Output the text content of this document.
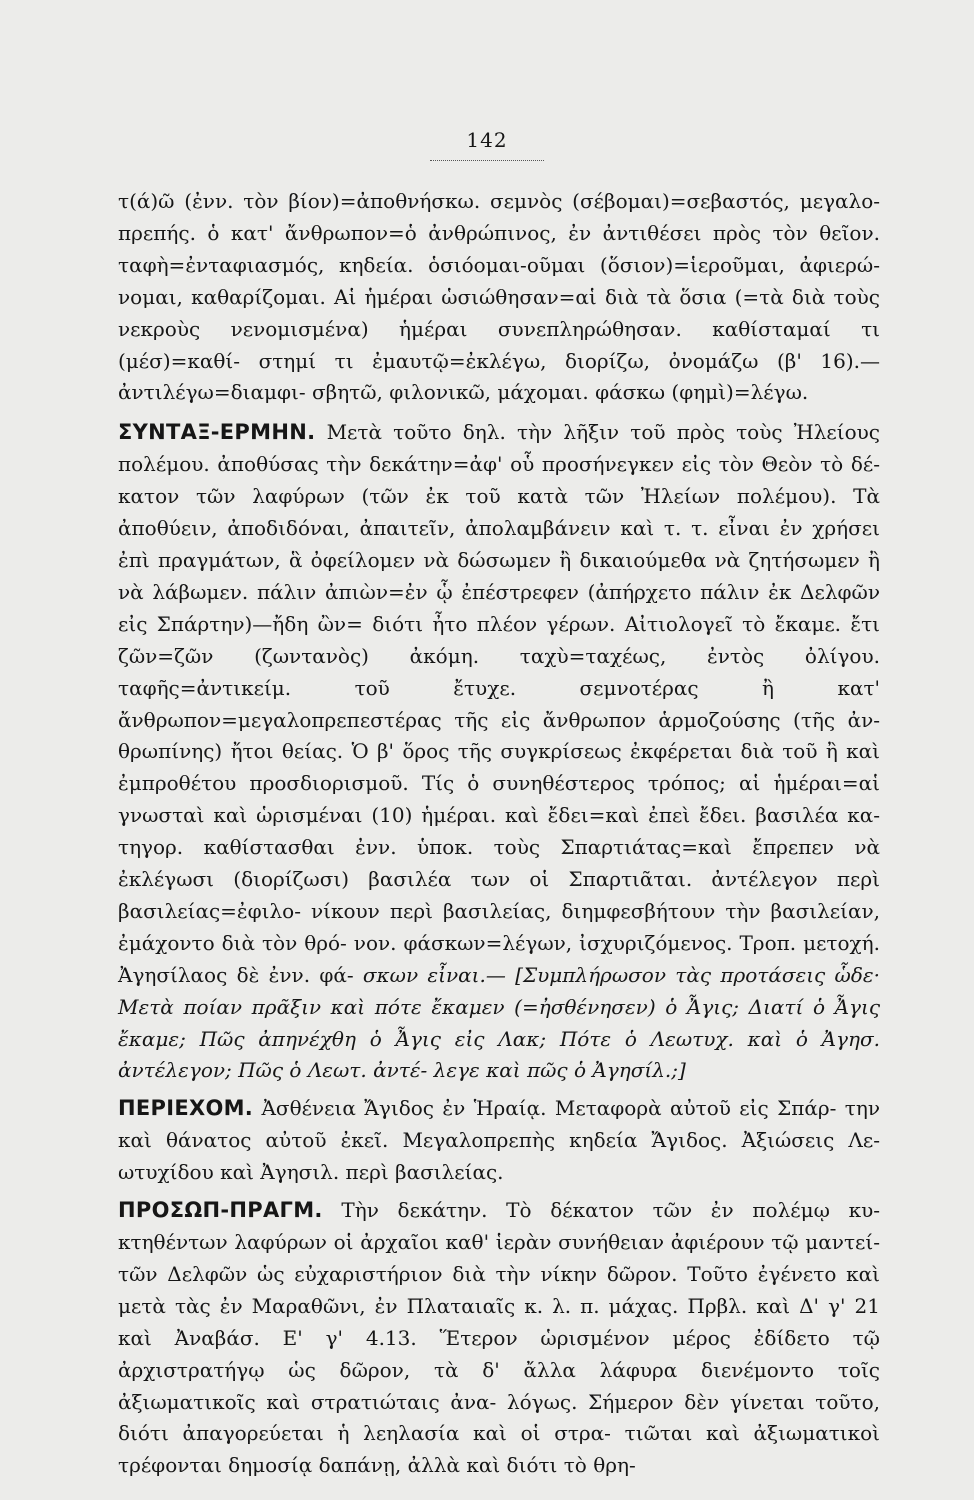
142

τ(ά)ῶ (ἐνν. τὸν βίον)=ἀποθνήσκω. σεμνὸς (σέβομαι)=σεβαστός, μεγαλο- πρεπής. ὁ κατ' ἄνθρωπον=ὁ ἀνθρώπινος, ἐν ἀντιθέσει πρὸς τὸν θεῖον. ταφὴ=ἐνταφιασμός, κηδεία. ὁσιόομαι-οῦμαι (ὅσιον)=ἱεροῦμαι, ἀφιερώ- νομαι, καθαρίζομαι. Αἱ ἡμέραι ὡσιώθησαν=αἱ διὰ τὰ ὅσια (=τὰ διὰ τοὺς νεκροὺς νενομισμένα) ἡμέραι συνεπληρώθησαν. καθίσταμαί τι (μέσ)=καθί- στημί τι ἐμαυτῷ=ἐκλέγω, διορίζω, ὀνομάζω (β' 16).—ἀντιλέγω=διαμφι- σβητῶ, φιλονικῶ, μάχομαι. φάσκω (φημὶ)=λέγω.

ΣΥΝΤΑΞ-ΕΡΜΗΝ. Μετὰ τοῦτο δηλ. τὴν λῆξιν τοῦ πρὸς τοὺς Ἠλείους πολέμου. ἀποθύσας τὴν δεκάτην=ἀφ' οὗ προσήνεγκεν εἰς τὸν Θεὸν τὸ δέ- κατον τῶν λαφύρων (τῶν ἐκ τοῦ κατὰ τῶν Ἠλείων πολέμου). Τὰ ἀποθύειν, ἀποδιδόναι, ἀπαιτεῖν, ἀπολαμβάνειν καὶ τ. τ. εἶναι ἐν χρήσει ἐπὶ πραγμάτων, ἃ ὀφείλομεν νὰ δώσωμεν ἢ δικαιούμεθα νὰ ζητήσωμεν ἢ νὰ λάβωμεν. πάλιν ἀπιὼν=ἐν ᾧ ἐπέστρεφεν (ἀπήρχετο πάλιν ἐκ Δελφῶν εἰς Σπάρτην)—ἤδη ὢν= διότι ἦτο πλέον γέρων. Αἰτιολογεῖ τὸ ἔκαμε. ἔτι ζῶν=ζῶν (ζωντανὸς) ἀκόμη. ταχὺ=ταχέως, ἐντὸς ὀλίγου. ταφῆς=ἀντικείμ. τοῦ ἔτυχε. σεμνοτέρας ἢ	κατ' ἄνθρωπον=μεγαλοπρεπεστέρας τῆς εἰς ἄνθρωπον ἁρμοζούσης (τῆς ἀν- θρωπίνης) ἤτοι θείας. Ὁ β' ὅρος τῆς συγκρίσεως ἐκφέρεται διὰ τοῦ ἢ καὶ ἐμπροθέτου προσδιορισμοῦ. Τίς ὁ συνηθέστερος τρόπος; αἱ ἡμέραι=αἱ γνωσταὶ καὶ ὡρισμέναι (10) ἡμέραι. καὶ ἔδει=καὶ ἐπεὶ ἔδει. βασιλέα κα- τηγορ. καθίστασθαι ἐνν. ὑποκ. τοὺς Σπαρτιάτας=καὶ ἔπρεπεν νὰ ἐκλέγωσι (διορίζωσι) βασιλέα των οἱ Σπαρτιᾶται. ἀντέλεγον περὶ βασιλείας=ἐφιλο- νίκουν περὶ βασιλείας, διημφεσβήτουν τὴν βασιλείαν, ἐμάχοντο διὰ τὸν θρό- νον. φάσκων=λέγων, ἰσχυριζόμενος. Τροπ. μετοχή. Ἀγησίλαος δὲ ἐνν. φά- σκων εἶναι.— [Συμπλήρωσον τὰς προτάσεις ὧδε· Μετὰ ποίαν πρᾶξιν καὶ πότε ἔκαμεν (=ἠσθένησεν) ὁ Ἆγις; Διατί ὁ Ἆγις ἔκαμε; Πῶς ἀπηνέχθη ὁ Ἆγις εἰς Λακ; Πότε ὁ Λεωτυχ. καὶ ὁ Ἀγησ. ἀντέλεγον; Πῶς ὁ Λεωτ. ἀντέ- λεγε καὶ πῶς ὁ Ἀγησίλ.;]

ΠΕΡΙΕΧΟΜ. Ἀσθένεια Ἄγιδος ἐν Ἡραίᾳ. Μεταφορὰ αὐτοῦ εἰς Σπάρ- την καὶ θάνατος αὐτοῦ ἐκεῖ. Μεγαλοπρεπὴς κηδεία Ἄγιδος. Ἀξιώσεις Λε- ωτυχίδου καὶ Ἀγησιλ. περὶ βασιλείας.

ΠΡΟΣΩΠ-ΠΡΑΓΜ. Τὴν δεκάτην. Τὸ δέκατον τῶν ἐν πολέμῳ κυ- κτηθέντων λαφύρων οἱ ἀρχαῖοι καθ' ἱερὰν συνήθειαν ἀφιέρουν τῷ μαντεί- τῶν Δελφῶν ὡς εὐχαριστήριον διὰ τὴν νίκην δῶρον. Τοῦτο ἐγένετο καὶ μετὰ τὰς ἐν Μαραθῶνι, ἐν Πλαταιαῖς κ. λ. π. μάχας. Πρβλ. καὶ Δ' γ' 21 καὶ Ἀναβάσ. Ε' γ' 4.13. Ἕτερον ὡρισμένον μέρος ἐδίδετο τῷ ἀρχιστρατήγῳ ὡς δῶρον, τὰ δ' ἄλλα λάφυρα διενέμοντο τοῖς ἀξιωματικοῖς καὶ στρατιώταις ἀνα- λόγως. Σήμερον δὲν γίνεται τοῦτο, διότι ἀπαγορεύεται ἡ λεηλασία καὶ οἱ στρα- τιῶται καὶ ἀξιωματικοὶ τρέφονται δημοσίᾳ δαπάνῃ, ἀλλὰ καὶ διότι τὸ θρη-
